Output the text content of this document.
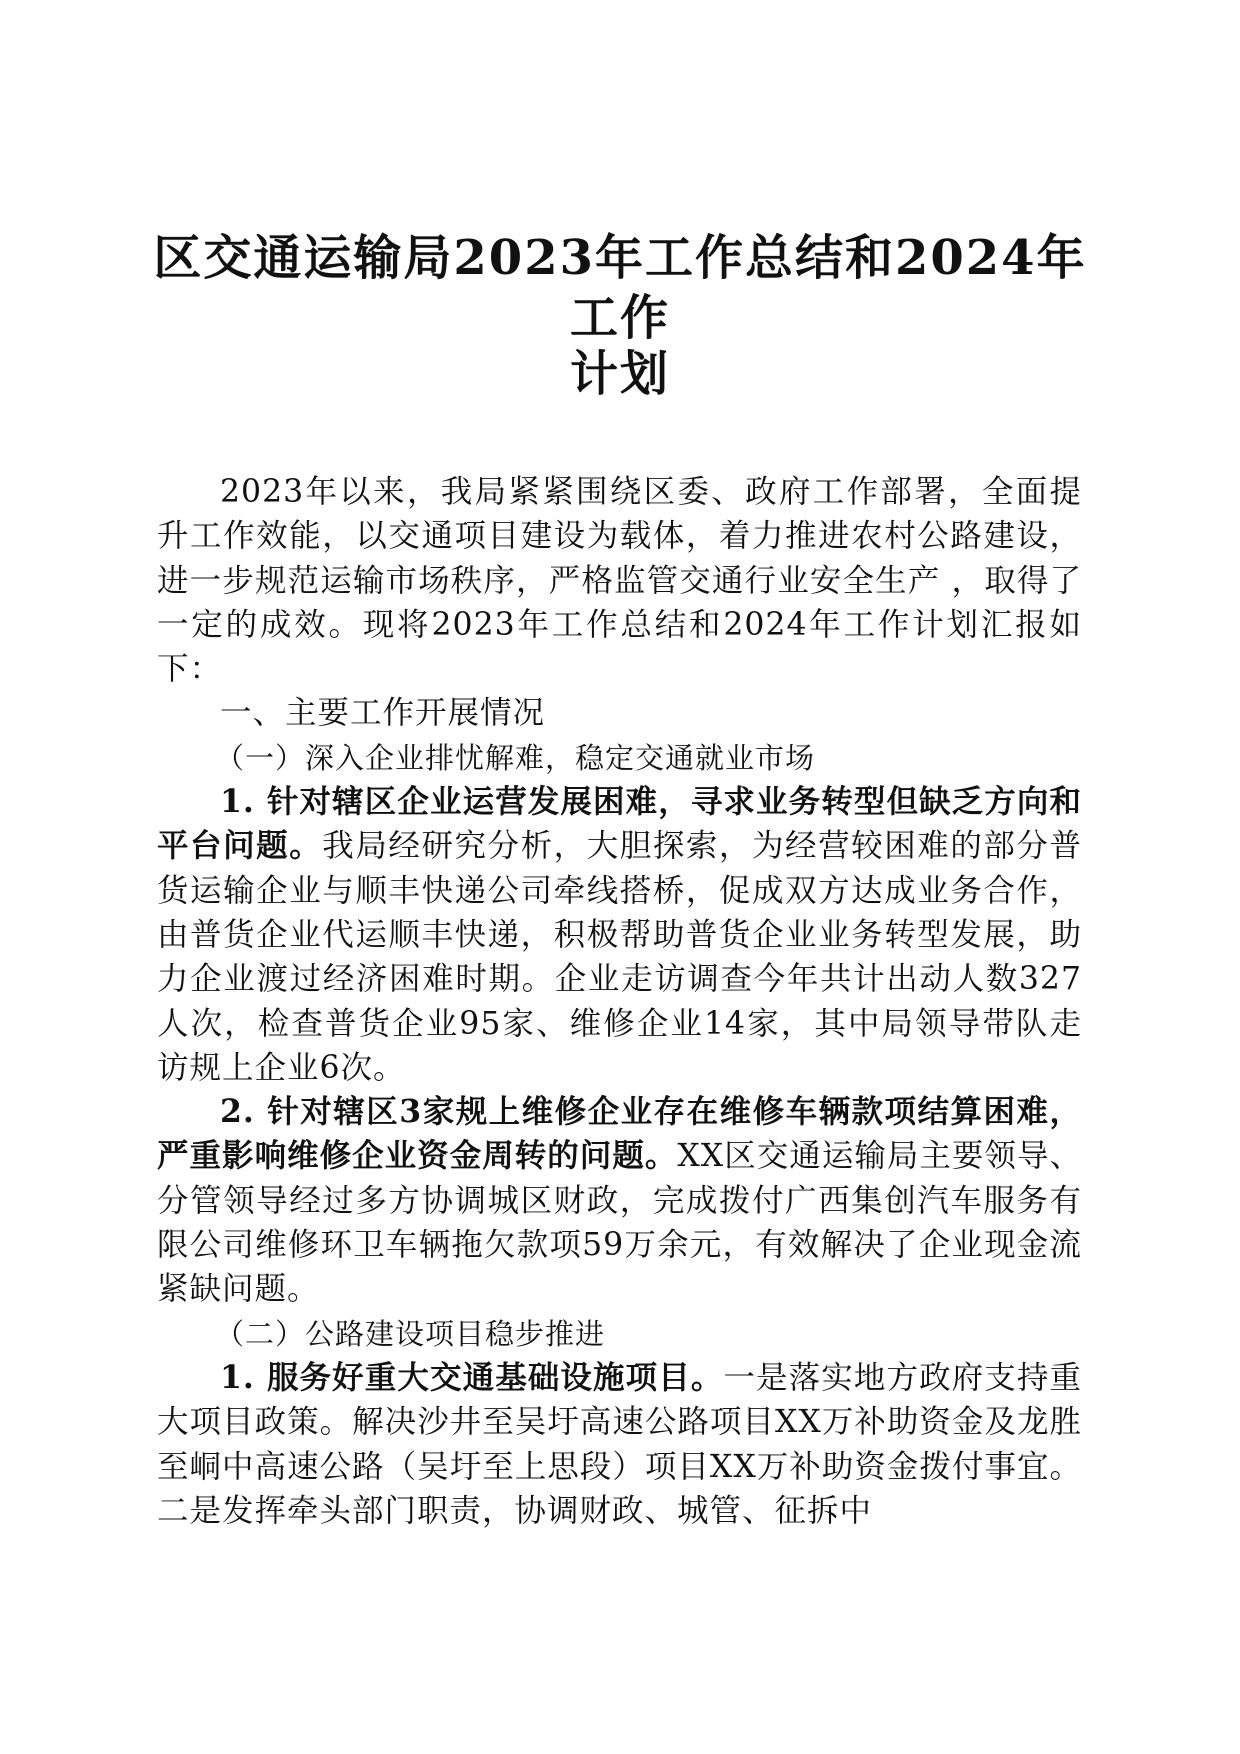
区交通运输局2023年工作总结和2024年工作
计划

2023年以来，我局紧紧围绕区委、政府工作部署，全面提升工作效能，以交通项目建设为载体，着力推进农村公路建设，进一步规范运输市场秩序，严格监管交通行业安全生产 ，取得了一定的成效。现将2023年工作总结和2024年工作计划汇报如下：

一、主要工作开展情况
（一）深入企业排忧解难，稳定交通就业市场

1. 针对辖区企业运营发展困难，寻求业务转型但缺乏方向和平台问题。我局经研究分析，大胆探索，为经营较困难的部分普货运输企业与顺丰快递公司牵线搭桥，促成双方达成业务合作，由普货企业代运顺丰快递，积极帮助普货企业业务转型发展，助力企业渡过经济困难时期。企业走访调查今年共计出动人数327人次，检查普货企业95家、维修企业14家，其中局领导带队走访规上企业6次。

2. 针对辖区3家规上维修企业存在维修车辆款项结算困难，严重影响维修企业资金周转的问题。XX区交通运输局主要领导、分管领导经过多方协调城区财政，完成拨付广西集创汽车服务有限公司维修环卫车辆拖欠款项59万余元，有效解决了企业现金流紧缺问题。

（二）公路建设项目稳步推进

1. 服务好重大交通基础设施项目。一是落实地方政府支持重大项目政策。解决沙井至吴圩高速公路项目XX万补助资金及龙胜至峒中高速公路（吴圩至上思段）项目XX万补助资金拨付事宜。二是发挥牵头部门职责，协调财政、城管、征拆中
